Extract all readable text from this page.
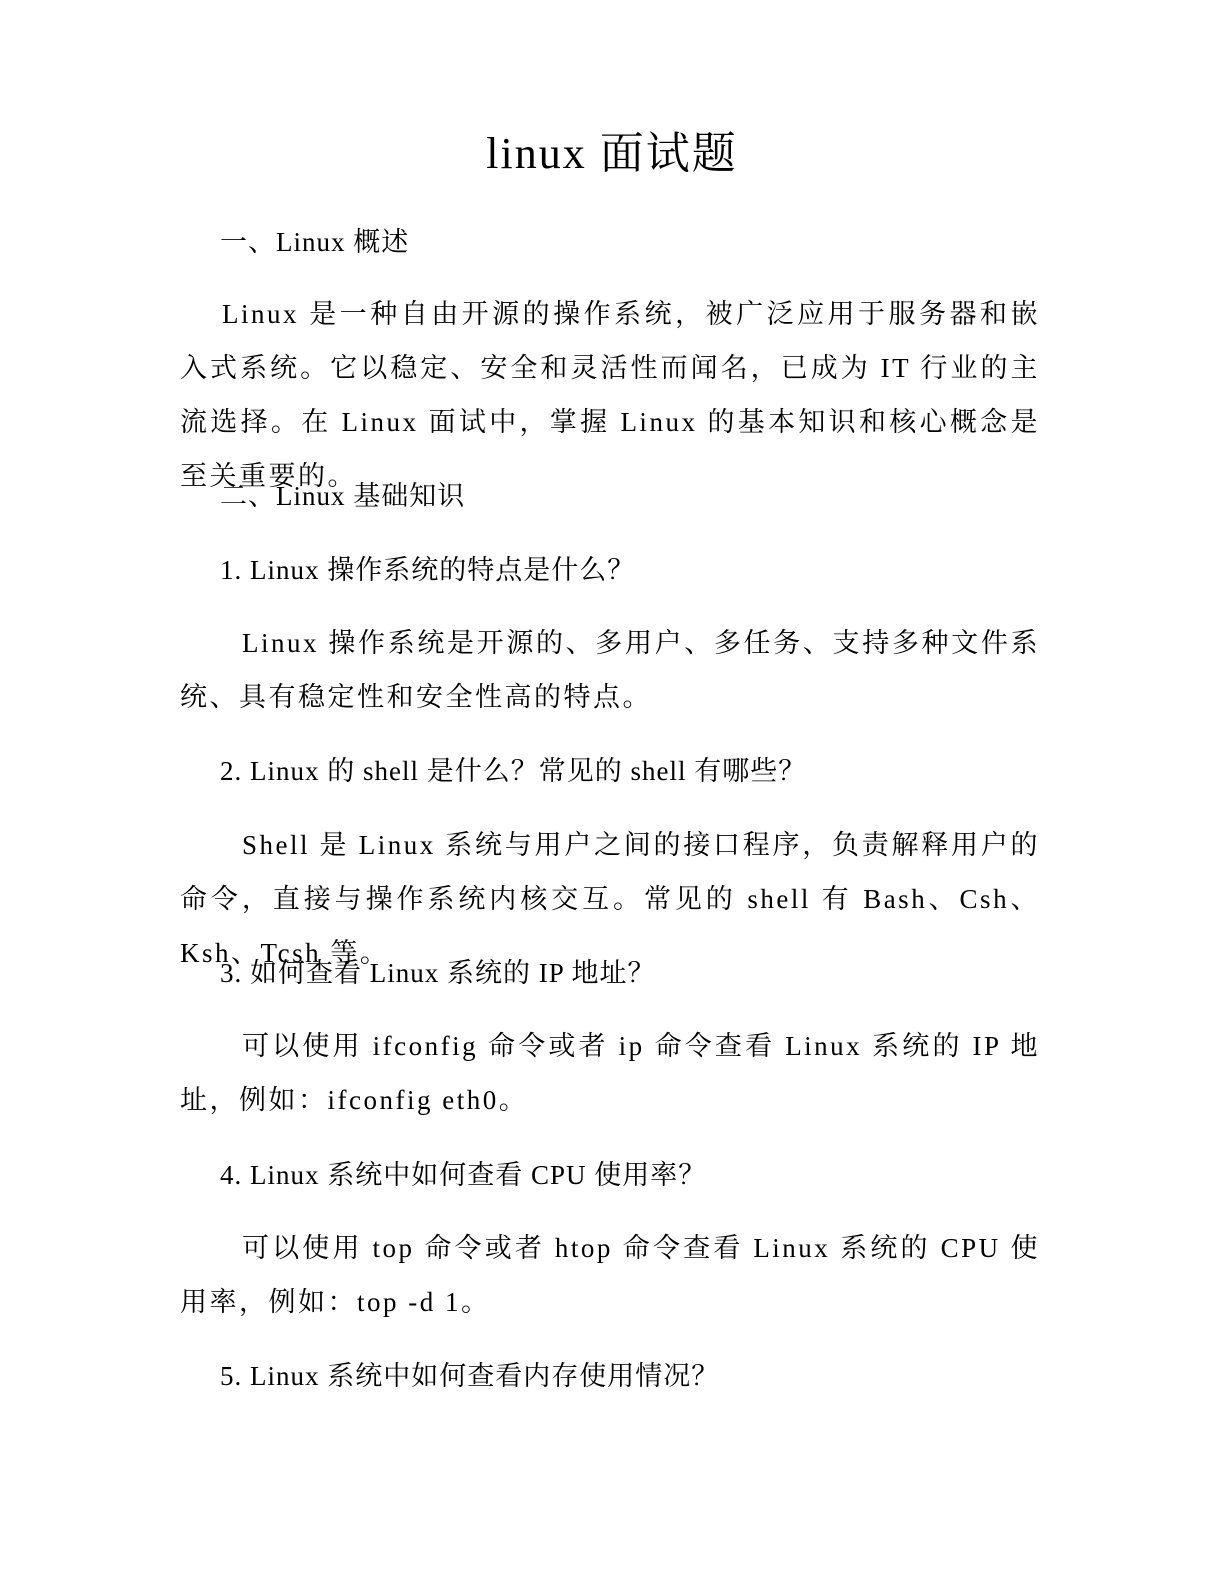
linux 面试题
一、Linux 概述
Linux 是一种自由开源的操作系统，被广泛应用于服务器和嵌入式系统。它以稳定、安全和灵活性而闻名，已成为 IT 行业的主流选择。在 Linux 面试中，掌握 Linux 的基本知识和核心概念是至关重要的。
二、Linux 基础知识
1. Linux 操作系统的特点是什么？
Linux 操作系统是开源的、多用户、多任务、支持多种文件系统、具有稳定性和安全性高的特点。
2. Linux 的 shell 是什么？常见的 shell 有哪些？
Shell 是 Linux 系统与用户之间的接口程序，负责解释用户的命令，直接与操作系统内核交互。常见的 shell 有 Bash、Csh、Ksh、Tcsh 等。
3. 如何查看 Linux 系统的 IP 地址？
可以使用 ifconfig 命令或者 ip 命令查看 Linux 系统的 IP 地址，例如：ifconfig eth0。
4. Linux 系统中如何查看 CPU 使用率？
可以使用 top 命令或者 htop 命令查看 Linux 系统的 CPU 使用率，例如：top -d 1。
5. Linux 系统中如何查看内存使用情况？
